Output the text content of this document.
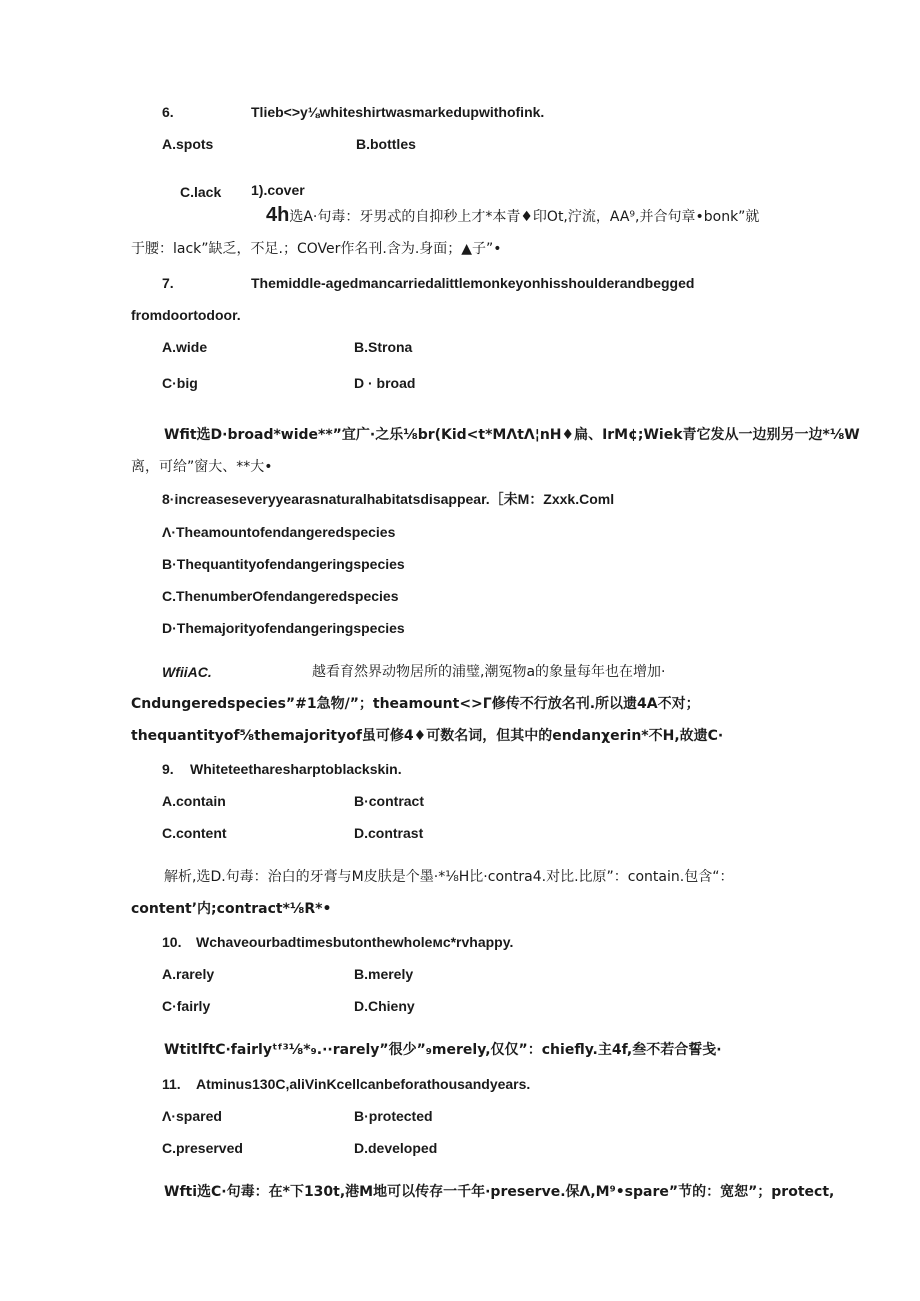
6.	Tlieb<>y⅛whiteshirtwasmarkedupwithofink.
A.spots	B.bottles
C.lack 1).cover
4h选A·句毒：牙男忒的自抑秒上才*本青♦印Ot,泞流，AA⁹,并合句章•bonk”就
于腰：lack”缺乏，不足.；COVer作名刊.含为.身面；▲子”•
7.	Themiddle-agedmancarriedalittlemonkeyonhisshoulderandbegged
fromdoortodoor.
A.wide	B.Strona
C·big	D · broad
Wfit选D·broad*wide**”宜广·之乐⅛br(Kid<t*MΛtΛ¦nH♦扁、IrM¢;Wiek青它发从一边别另一边*⅛W
离，可给”窗大、**大•
8·increaseseveryyearasnaturalhabitatsdisappear.［未M：Zxxk.Coml
Λ·Theamountofendangeredspecies
B·Thequantityofendangeringspecies
C.ThenumberOfendangeredspecies
D·Themajorityofendangeringspecies
WfiiAC.	越看育然界动物居所的浦璧,潮冤物a的象量每年也在增加·
Cndungeredspecies”#1急物/”；theamount<>Γ修传不行放名刊.所以遗4A不对；
thequantityof⅝themajorityof虽可修4♦可数名词，但其中的endanχerin*不H,故遗C·
9. Whiteteetharesharptoblackskin.
A.contain	B·contract
C.content	D.contrast
解析,选D.句毒：治白的牙膏与M皮肤是个墨·*⅛H比·contra4.对比.比原”：contain.包含“：
content’内;contract*⅛R*•
10. Wchaveourbadtimesbutonthewholeмc*rvhappy.
A.rarely	B.merely
C·fairly	D.Chieny
WtitlftC·fairlyᵗᶠ³⅛*₉.··rarely”很少”₉merely,仅仅”：chiefly.主4f,叁不若合誓戋·
11. Atminus130C,aliVinKcellcanbeforathousandyears.
Λ·spared	B·protected
C.preserved	D.developed
Wfti选C·句毒：在*下130t,港M地可以传存一千年·preserve.保Λ,M⁹•spare”节的：宽恕”；protect,
